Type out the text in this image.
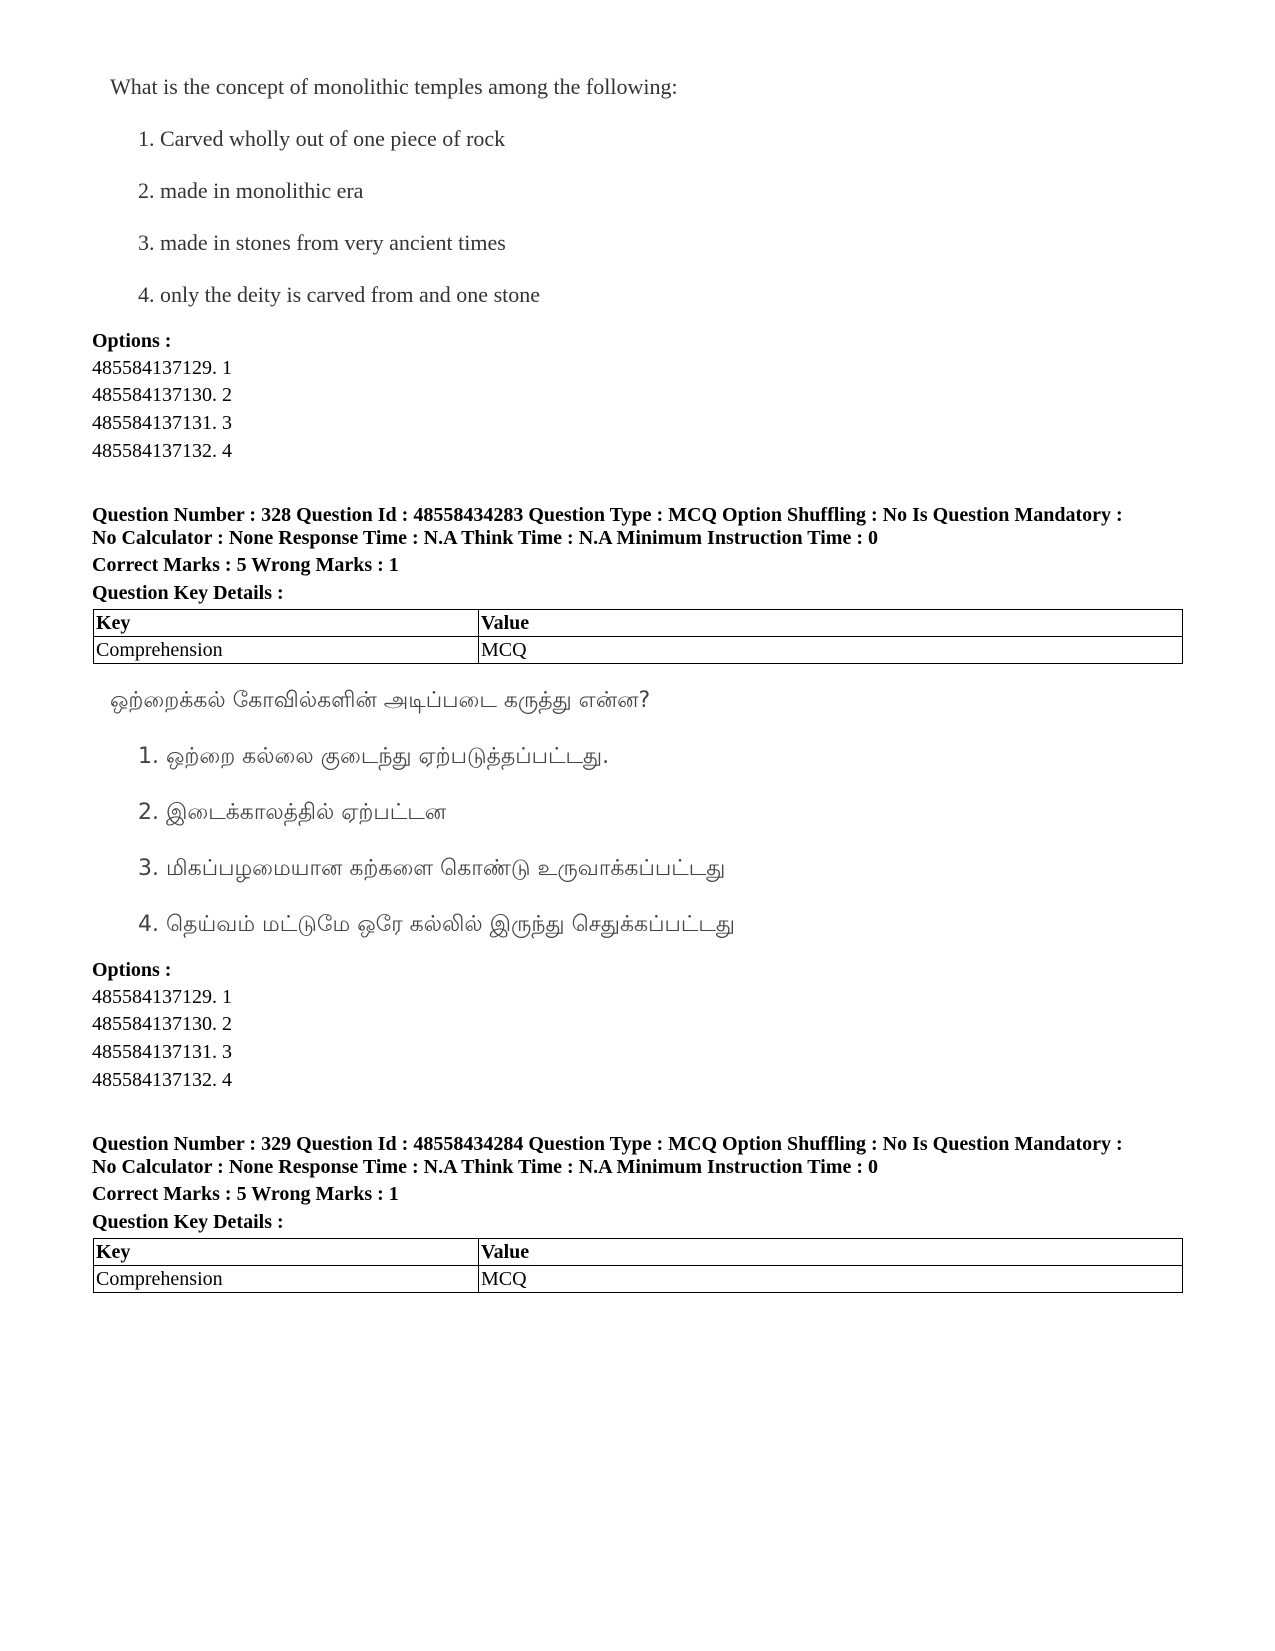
What is the concept of monolithic temples among the following:
1. Carved wholly out of one piece of rock
2. made in monolithic era
3. made in stones from very ancient times
4. only the deity is carved from and one stone
Options :
485584137129. 1
485584137130. 2
485584137131. 3
485584137132. 4
Question Number : 328 Question Id : 48558434283 Question Type : MCQ Option Shuffling : No Is Question Mandatory :
No Calculator : None Response Time : N.A Think Time : N.A Minimum Instruction Time : 0
Correct Marks : 5 Wrong Marks : 1
Question Key Details :
Key	Value
Comprehension	MCQ
ஒற்றைக்கல் கோவில்களின் அடிப்படை கருத்து என்ன?
1. ஒற்றை கல்லை குடைந்து ஏற்படுத்தப்பட்டது.
2. இடைக்காலத்தில் ஏற்பட்டன
3. மிகப்பழமையான கற்களை கொண்டு உருவாக்கப்பட்டது
4. தெய்வம் மட்டுமே ஒரே கல்லில் இருந்து செதுக்கப்பட்டது
Options :
485584137129. 1
485584137130. 2
485584137131. 3
485584137132. 4
Question Number : 329 Question Id : 48558434284 Question Type : MCQ Option Shuffling : No Is Question Mandatory :
No Calculator : None Response Time : N.A Think Time : N.A Minimum Instruction Time : 0
Correct Marks : 5 Wrong Marks : 1
Question Key Details :
Key	Value
Comprehension	MCQ
